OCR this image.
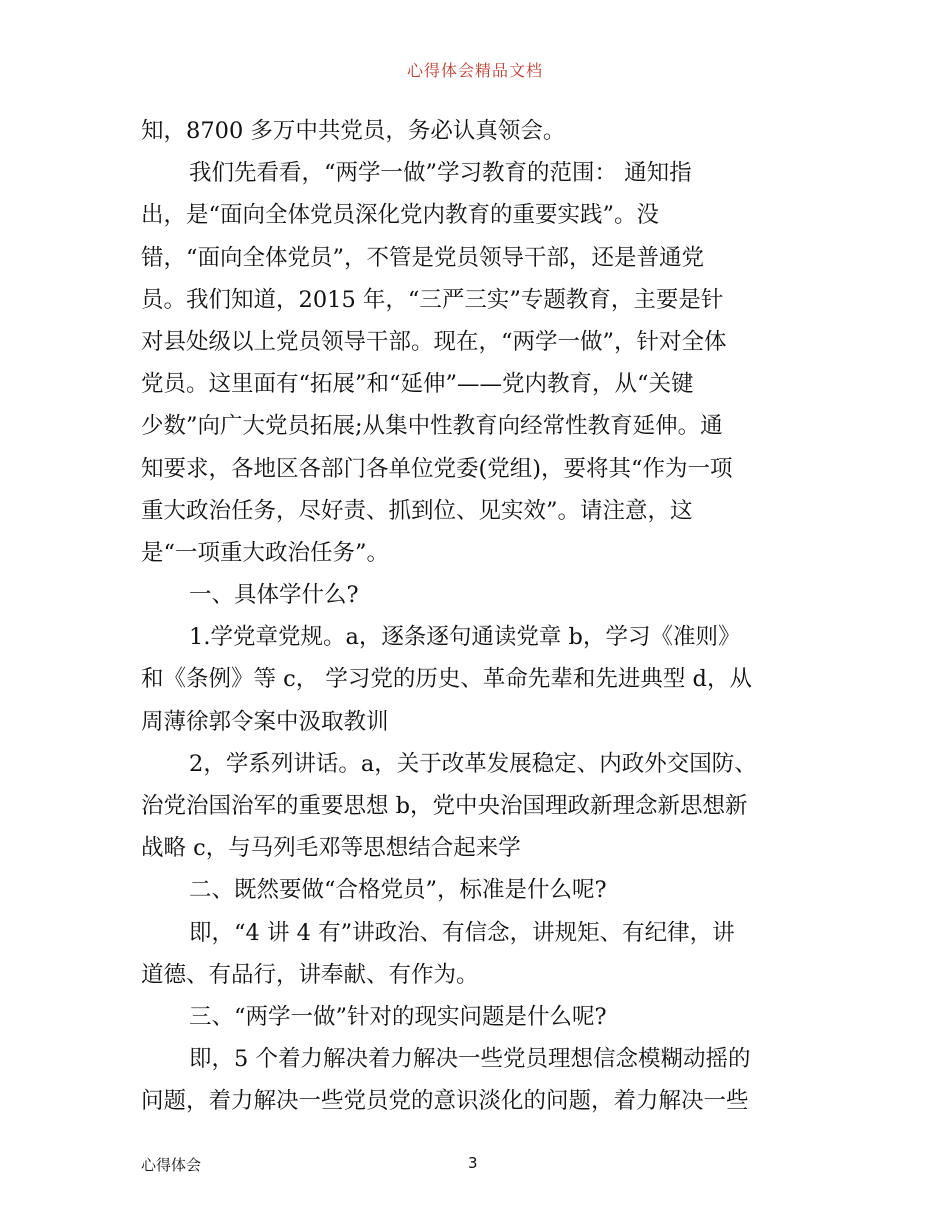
心得体会精品文档
知，8700 多万中共党员，务必认真领会。
我们先看看，“两学一做”学习教育的范围： 通知指
出，是“面向全体党员深化党内教育的重要实践”。没
错，“面向全体党员”，不管是党员领导干部，还是普通党
员。我们知道，2015 年，“三严三实”专题教育，主要是针
对县处级以上党员领导干部。现在，“两学一做”，针对全体
党员。这里面有“拓展”和“延伸”——党内教育，从“关键
少数”向广大党员拓展;从集中性教育向经常性教育延伸。通
知要求，各地区各部门各单位党委(党组)，要将其“作为一项
重大政治任务，尽好责、抓到位、见实效”。请注意，这
是“一项重大政治任务”。
一、具体学什么?
1.学党章党规。a，逐条逐句通读党章 b，学习《准则》
和《条例》等 c， 学习党的历史、革命先辈和先进典型 d，从
周薄徐郭令案中汲取教训
2，学系列讲话。a，关于改革发展稳定、内政外交国防、
治党治国治军的重要思想 b，党中央治国理政新理念新思想新
战略 c，与马列毛邓等思想结合起来学
二、既然要做“合格党员”，标准是什么呢?
即，“4 讲 4 有”讲政治、有信念，讲规矩、有纪律，讲
道德、有品行，讲奉献、有作为。
三、“两学一做”针对的现实问题是什么呢?
即，5 个着力解决着力解决一些党员理想信念模糊动摇的
问题，着力解决一些党员党的意识淡化的问题，着力解决一些
心得体会	3
